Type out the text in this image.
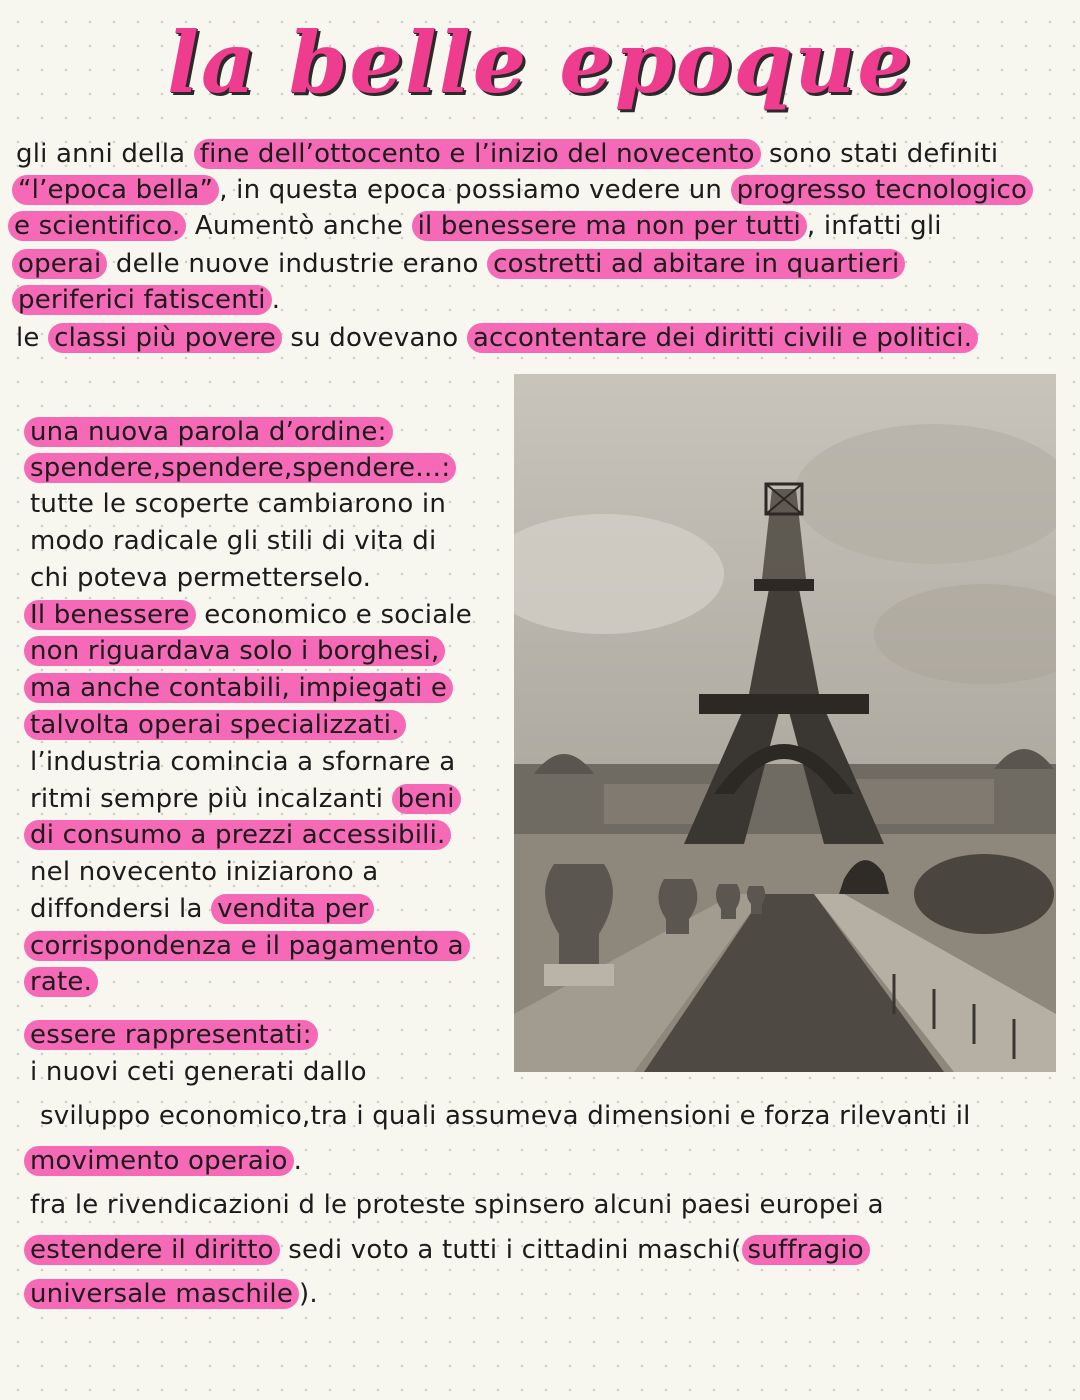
la belle epoque
gli anni della fine dell’ottocento e l’inizio del novecento sono stati definiti
“l’epoca bella” , in questa epoca possiamo vedere un progresso tecnologico
e scientifico. Aumentò anche il benessere ma non per tutti , infatti gli
operai delle nuove industrie erano costretti ad abitare in quartieri
periferici fatiscenti .
le classi più povere su dovevano accontentare dei diritti civili e politici.
una nuova parola d’ordine:
spendere,spendere,spendere…:
tutte le scoperte cambiarono in
modo radicale gli stili di vita di
chi poteva permetterselo.
Il benessere economico e sociale
non riguardava solo i borghesi,
ma anche contabili, impiegati e
talvolta operai specializzati.
l’industria comincia a sfornare a
ritmi sempre più incalzanti beni
di consumo a prezzi accessibili.
nel novecento iniziarono a
diffondersi la vendita per
corrispondenza e il pagamento a
rate.
essere rappresentati:
i nuovi ceti generati dallo
sviluppo economico,tra i quali assumeva dimensioni e forza rilevanti il
movimento operaio .
fra le rivendicazioni d le proteste spinsero alcuni paesi europei a
estendere il diritto sedi voto a tutti i cittadini maschi( suffragio
universale maschile ).
